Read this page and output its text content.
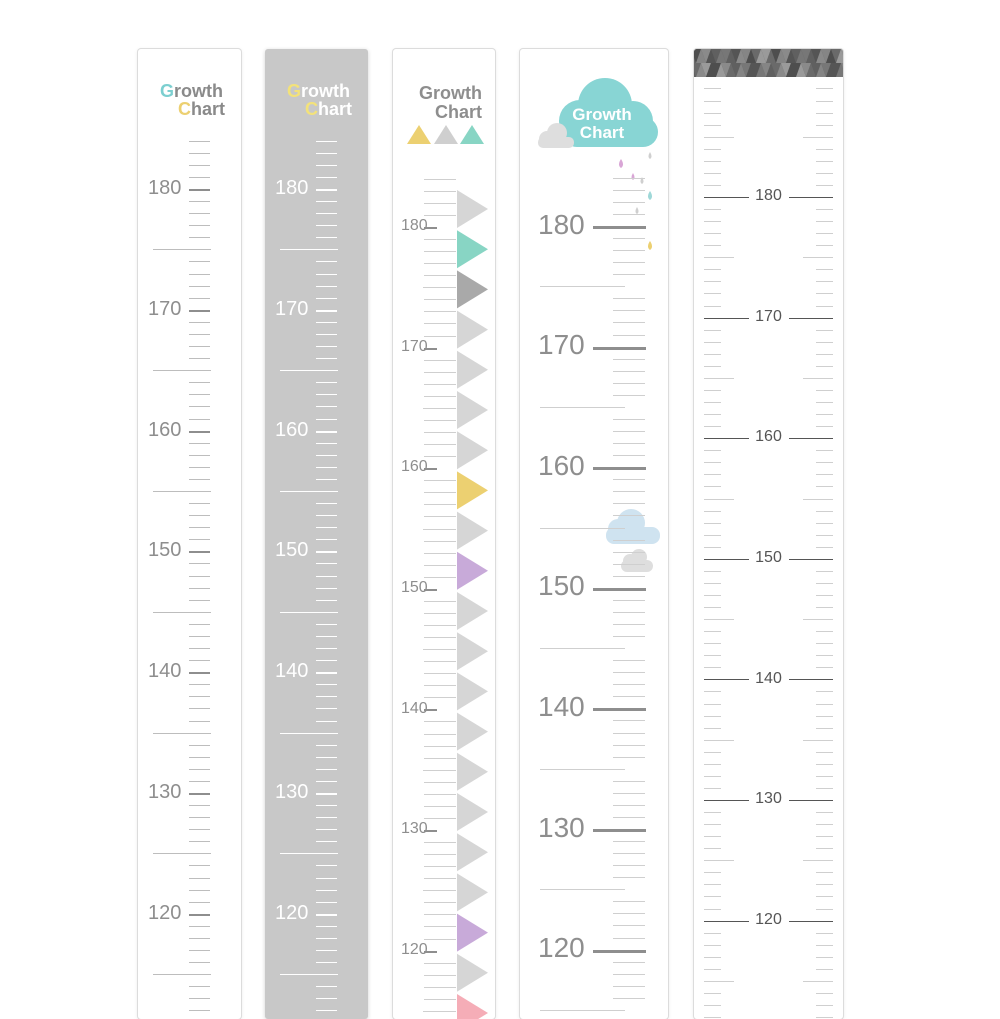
Growth
Chart
180
170
160
150
140
130
120
Growth
Chart
180
170
160
150
140
130
120
Growth
Chart
180
170
160
150
140
130
120
Growth
Chart
180
170
160
150
140
130
120
180
170
160
150
140
130
120
